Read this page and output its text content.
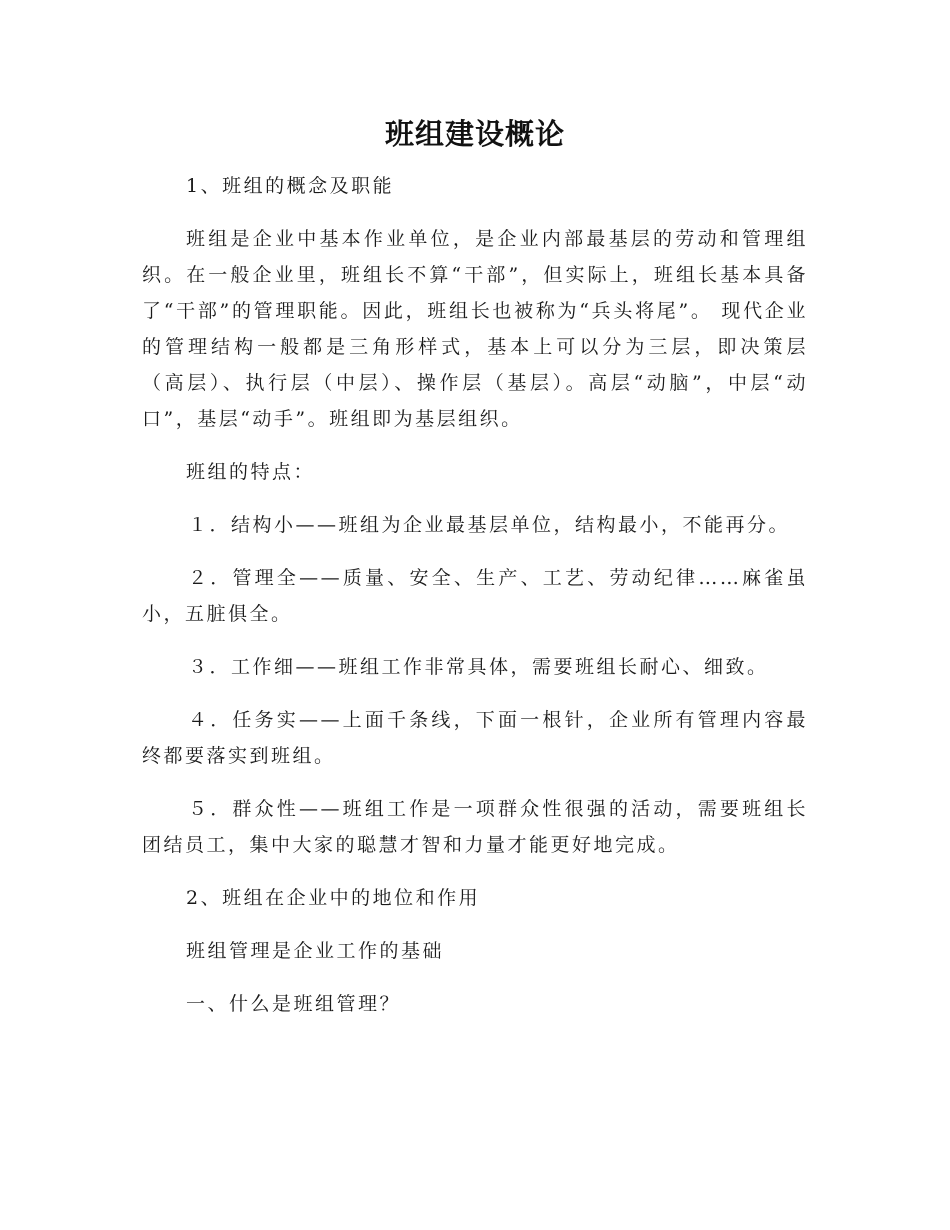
班组建设概论

1、班组的概念及职能

班组是企业中基本作业单位，是企业内部最基层的劳动和管理组织。在一般企业里，班组长不算“干部”，但实际上，班组长基本具备了“干部”的管理职能。因此，班组长也被称为“兵头将尾”。 现代企业的管理结构一般都是三角形样式，基本上可以分为三层，即决策层（高层）、执行层（中层）、操作层（基层）。高层“动脑”，中层“动口”，基层“动手”。班组即为基层组织。

班组的特点：

１．结构小——班组为企业最基层单位，结构最小，不能再分。

２．管理全——质量、安全、生产、工艺、劳动纪律……麻雀虽小，五脏俱全。

３．工作细——班组工作非常具体，需要班组长耐心、细致。

４．任务实——上面千条线，下面一根针，企业所有管理内容最终都要落实到班组。

５．群众性——班组工作是一项群众性很强的活动，需要班组长团结员工，集中大家的聪慧才智和力量才能更好地完成。

2、班组在企业中的地位和作用

班组管理是企业工作的基础

一、什么是班组管理？
